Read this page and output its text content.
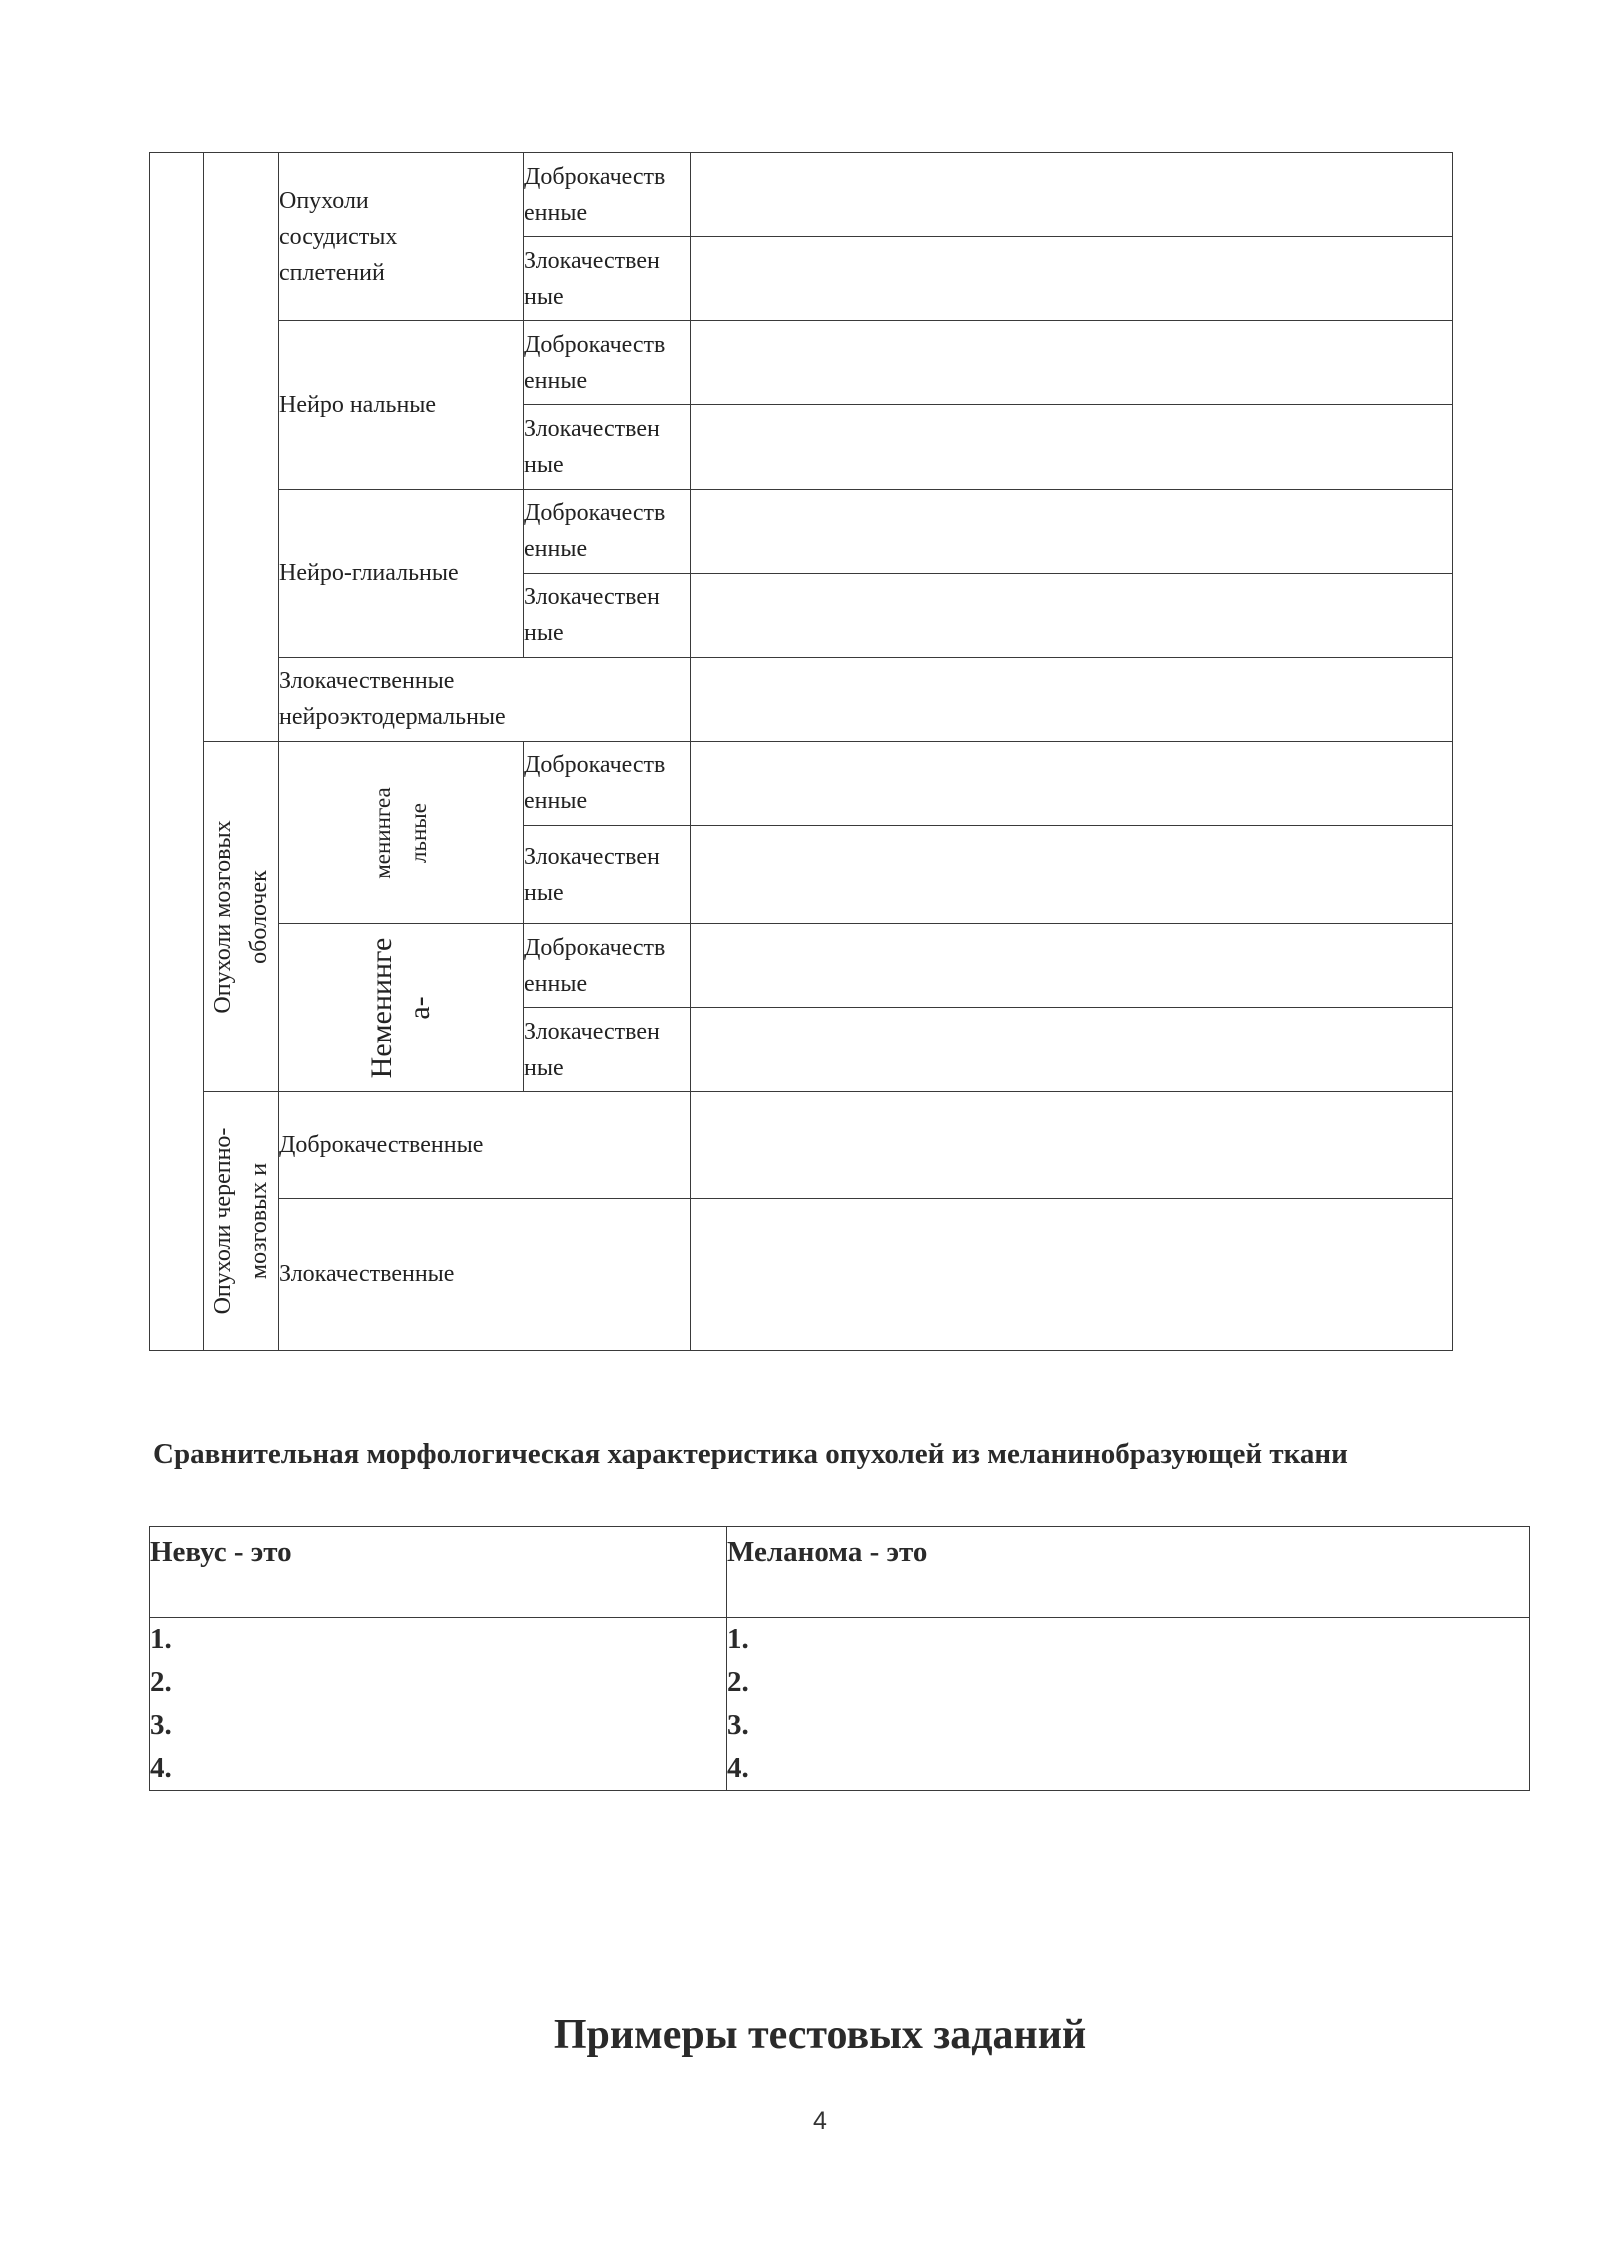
		Опухоли
сосудистых
сплетений	Доброкачеств
енные	

			Злокачествен
ные	

		Нейро нальные	Доброкачеств
енные	

			Злокачествен
ные	

		Нейро-глиальные	Доброкачеств
енные	

			Злокачествен
ные	

		Злокачественные
нейроэктодермальные		

	Опухоли мозговых оболочек	менингеа льные	Доброкачеств
енные	

			Злокачествен
ные	

		Неменинге а-	Доброкачеств
енные	

			Злокачествен
ные	

	Опухоли черепно- мозговых и	Доброкачественные		
		Злокачественные		
Сравнительная морфологическая характеристика опухолей из меланинобразующей ткани
Невус - это	Меланома - это

1.
2.
3.
4.	1.
2.
3.
4.
Примеры тестовых заданий
4
